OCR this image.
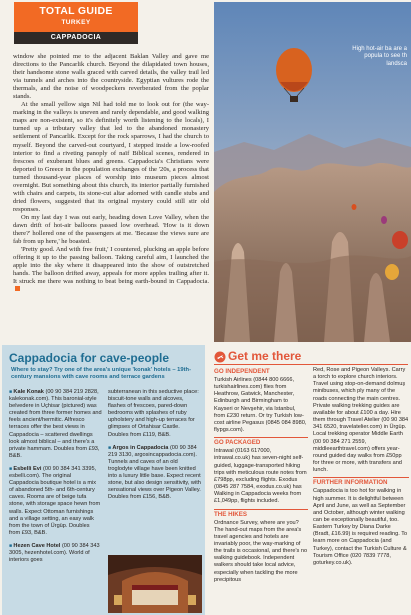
TOTAL GUIDE
TURKEY
CAPPADOCIA

window she pointed me to the adjacent Baklan Valley and gave me directions to the Pancarlik church. Beyond the dilapidated town houses, their handsome stone walls graced with carved details, the valley trail led via tunnels and arches into the countryside. Egyptian vultures rode the thermals, and the noise of woodpeckers reverberated from the poplar stands.

At the small yellow sign Nil had told me to look out for (the way-marking in the valleys is uneven and rarely dependable, and good walking maps are non-existent, so it's definitely worth listening to the locals), I turned up a tributary valley that led to the abandoned monastery settlement of Pancarlik. Except for the rock sparrows, I had the church to myself. Beyond the carved-out courtyard, I stepped inside a low-roofed interior to find a riveting panoply of naïf Biblical scenes, rendered in frescoes of exuberant blues and greens. Cappadocia's Christians were deported to Greece in the population exchanges of the '20s, a process that turned thousand-year places of worship into museum pieces almost overnight. But something about this church, its interior partially furnished with chairs and carpets, its stone-cut altar adorned with candle stubs and dried flowers, suggested that its original mystery could still stir old responses.

On my last day I was out early, heading down Love Valley, when the dawn drift of hot-air balloons passed low overhead. 'How is it down there?' hollered one of the passengers at me. 'Because the views sure are fab from up here,' he boasted.

'Pretty good. And with free fruit,' I countered, plucking an apple before offering it up to the passing balloon. Taking careful aim, I launched the apple into the sky where it disappeared into the show of outstretched hands. The balloon drifted away, appeals for more apples trailing after it. It struck me there was nothing to beat being earth-bound in Cappadocia.

High hot-air ba are a popula to see th landsca
Cappadocia for cave-people
Where to stay? Try one of the area's unique 'konak' hotels – 19th-century mansions with cave rooms and terrace gardens
■ Kale Konak (00 90 384 219 2828, kalekonak.com). This baronial-style belvedere in Uçhisar (pictured) was created from three former homes and feels ancient/hermitic. Alfresco terraces offer the best views in Cappadocia – scattered dwellings look almost biblical – and there's a private hammam. Doubles from £93, B&B.
■ Esbelli Evi (00 90 384 341 3395, esbelli.com). The original Cappadocia boutique hotel is a mix of abandoned 5th- and 6th-century caves. Rooms are of beige tufa stone, with storage space hewn from walls. Expect Ottoman furnishings and a village setting, an easy walk from the town of Ürgüp. Doubles from £93, B&B.
■ Hezen Cave Hotel (00 90 384 343 3005, hezenhotel.com). World of interiors goes
subterranean in this seductive place: biscuit-tone walls and alcoves, flashes of frescoes, pared-down bedrooms with splashes of ruby upholstery and high-up terraces for glimpses of Ortahisar Castle. Doubles from £119, B&B.
■ Argos in Cappadocia (00 90 384 219 3130, argosincappadocia.com). Tunnels and caves of an old troglodyte village have been knitted into a luxury little base. Expect recent stone, but also design sensitivity, with sensational views over Pigeon Valley. Doubles from £156, B&B.
Get me there
GO INDEPENDENT
Turkish Airlines (0844 800 6666, turkishairlines.com) flies from Heathrow, Gatwick, Manchester, Edinburgh and Birmingham to Kayseri or Nevşehir, via Istanbul, from £230 return. Or try Turkish low-cost airline Pegasus (0845 084 8980, flypgs.com).
GO PACKAGED
Intrawal (0163 617000, intrawal.co.uk) has seven-night self-guided, luggage-transported hiking trips with meticulous route notes from £798pp, excluding flights. Exodus (0845 287 7584, exodus.co.uk) has Walking in Cappadocia weeks from £1,049pp, flights included.
THE HIKES
Ordnance Survey, where are you? The hand-out maps from the area's travel agencies and hotels are invariably poor, the way-marking of the trails is occasional, and there's no walking guidebook. Independent walkers should take local advice, especially when tackling the more precipitous
Red, Rose and Pigeon Valleys. Carry a torch to explore church interiors. Travel using stop-on-demand dolmuş minibuses, which ply many of the roads connecting the main centres. Private walking trekking guides are available for about £100 a day. Hire them through Travel Atelier (00 90 384 341 6520, travelatelier.com) in Ürgüp. Local trekking operator Middle Earth (00 90 384 271 2559, middleearthtravel.com) offers year-round guided day walks from £50pp for three or more, with transfers and lunch.
FURTHER INFORMATION
Cappadocia is too hot for walking in high summer. It is delightful between April and June, as well as September and October, although winter walking can be exceptionally beautiful, too. Eastern Turkey by Diana Darke (Bradt, £16.99) is required reading. To learn more on Cappadocia (and Turkey), contact the Turkish Culture & Tourism Office (020 7839 7778, goturkey.co.uk).
